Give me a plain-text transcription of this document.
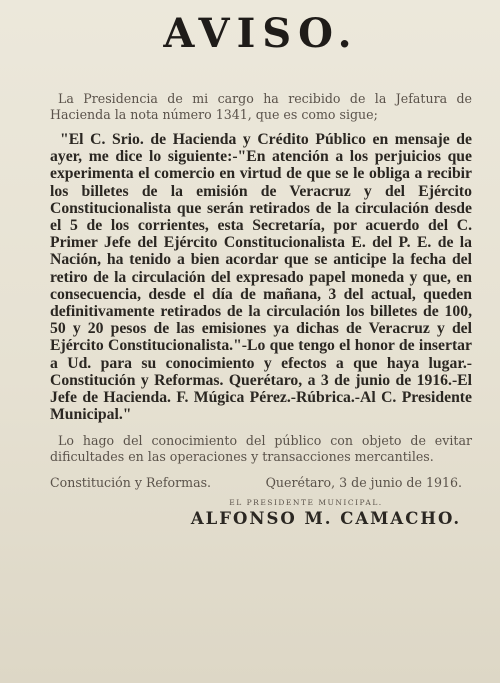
AVISO.

La Presidencia de mi cargo ha recibido de la Jefatura de Hacienda la nota número 1341, que es como sigue;

"El C. Srio. de Hacienda y Crédito Público en mensaje de ayer, me dice lo siguiente:-"En atención a los perjuicios que experimenta el comercio en virtud de que se le obliga a recibir los billetes de la emisión de Veracruz y del Ejército Constitucionalista que serán retirados de la circulación desde el 5 de los corrientes, esta Secretaría, por acuerdo del C. Primer Jefe del Ejército Constitucionalista E. del P. E. de la Nación, ha tenido a bien acordar que se anticipe la fecha del retiro de la circulación del expresado papel moneda y que, en consecuencia, desde el día de mañana, 3 del actual, queden definitivamente retirados de la circulación los billetes de 100, 50 y 20 pesos de las emisiones ya dichas de Veracruz y del Ejército Constitucionalista."-Lo que tengo el honor de insertar a Ud. para su conocimiento y efectos a que haya lugar.-Constitución y Reformas. Querétaro, a 3 de junio de 1916.-El Jefe de Hacienda. F. Múgica Pérez.-Rúbrica.-Al C. Presidente Municipal."

Lo hago del conocimiento del público con objeto de evitar dificultades en las operaciones y transacciones mercantiles.

Constitución y Reformas.	Querétaro, 3 de junio de 1916.
EL PRESIDENTE MUNICIPAL.
ALFONSO M. CAMACHO.
